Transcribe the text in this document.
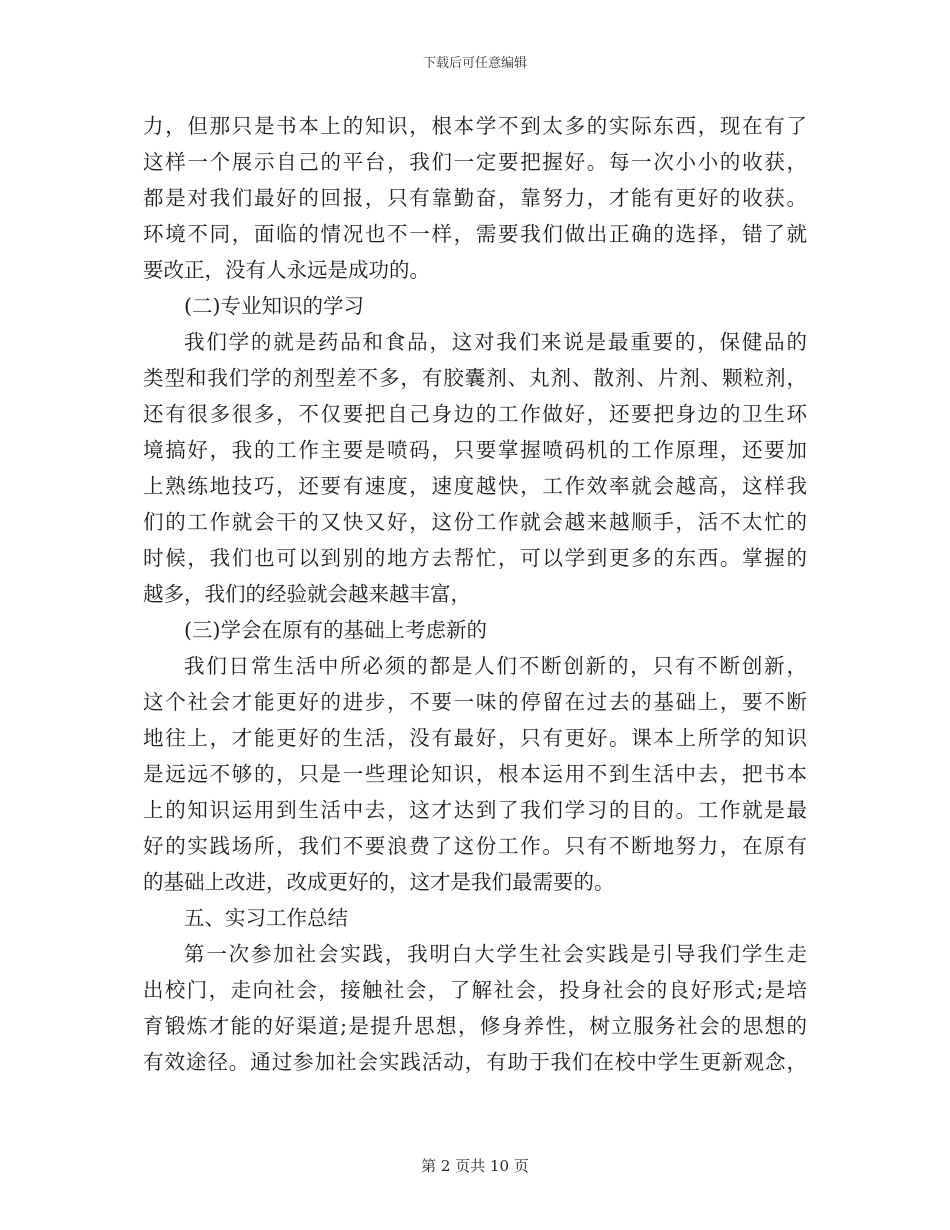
下载后可任意编辑
力，但那只是书本上的知识，根本学不到太多的实际东西，现在有了
这样一个展示自己的平台，我们一定要把握好。每一次小小的收获，
都是对我们最好的回报，只有靠勤奋，靠努力，才能有更好的收获。
环境不同，面临的情况也不一样，需要我们做出正确的选择，错了就
要改正，没有人永远是成功的。
(二)专业知识的学习
我们学的就是药品和食品，这对我们来说是最重要的，保健品的
类型和我们学的剂型差不多，有胶囊剂、丸剂、散剂、片剂、颗粒剂，
还有很多很多，不仅要把自己身边的工作做好，还要把身边的卫生环
境搞好，我的工作主要是喷码，只要掌握喷码机的工作原理，还要加
上熟练地技巧，还要有速度，速度越快，工作效率就会越高，这样我
们的工作就会干的又快又好，这份工作就会越来越顺手，活不太忙的
时候，我们也可以到别的地方去帮忙，可以学到更多的东西。掌握的
越多，我们的经验就会越来越丰富，
(三)学会在原有的基础上考虑新的
我们日常生活中所必须的都是人们不断创新的，只有不断创新，
这个社会才能更好的进步，不要一味的停留在过去的基础上，要不断
地往上，才能更好的生活，没有最好，只有更好。课本上所学的知识
是远远不够的，只是一些理论知识，根本运用不到生活中去，把书本
上的知识运用到生活中去，这才达到了我们学习的目的。工作就是最
好的实践场所，我们不要浪费了这份工作。只有不断地努力，在原有
的基础上改进，改成更好的，这才是我们最需要的。
五、实习工作总结
第一次参加社会实践，我明白大学生社会实践是引导我们学生走
出校门，走向社会，接触社会，了解社会，投身社会的良好形式;是培
育锻炼才能的好渠道;是提升思想，修身养性，树立服务社会的思想的
有效途径。通过参加社会实践活动，有助于我们在校中学生更新观念，
第 2 页共 10 页
